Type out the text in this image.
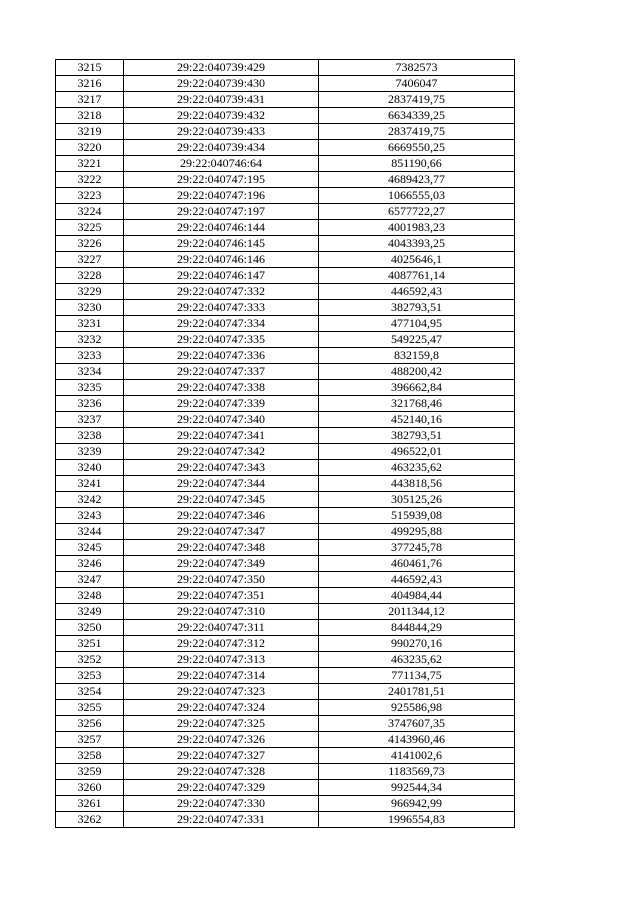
3215	29:22:040739:429	7382573
3216	29:22:040739:430	7406047
3217	29:22:040739:431	2837419,75
3218	29:22:040739:432	6634339,25
3219	29:22:040739:433	2837419,75
3220	29:22:040739:434	6669550,25
3221	29:22:040746:64	851190,66
3222	29:22:040747:195	4689423,77
3223	29:22:040747:196	1066555,03
3224	29:22:040747:197	6577722,27
3225	29:22:040746:144	4001983,23
3226	29:22:040746:145	4043393,25
3227	29:22:040746:146	4025646,1
3228	29:22:040746:147	4087761,14
3229	29:22:040747:332	446592,43
3230	29:22:040747:333	382793,51
3231	29:22:040747:334	477104,95
3232	29:22:040747:335	549225,47
3233	29:22:040747:336	832159,8
3234	29:22:040747:337	488200,42
3235	29:22:040747:338	396662,84
3236	29:22:040747:339	321768,46
3237	29:22:040747:340	452140,16
3238	29:22:040747:341	382793,51
3239	29:22:040747:342	496522,01
3240	29:22:040747:343	463235,62
3241	29:22:040747:344	443818,56
3242	29:22:040747:345	305125,26
3243	29:22:040747:346	515939,08
3244	29:22:040747:347	499295,88
3245	29:22:040747:348	377245,78
3246	29:22:040747:349	460461,76
3247	29:22:040747:350	446592,43
3248	29:22:040747:351	404984,44
3249	29:22:040747:310	2011344,12
3250	29:22:040747:311	844844,29
3251	29:22:040747:312	990270,16
3252	29:22:040747:313	463235,62
3253	29:22:040747:314	771134,75
3254	29:22:040747:323	2401781,51
3255	29:22:040747:324	925586,98
3256	29:22:040747:325	3747607,35
3257	29:22:040747:326	4143960,46
3258	29:22:040747:327	4141002,6
3259	29:22:040747:328	1183569,73
3260	29:22:040747:329	992544,34
3261	29:22:040747:330	966942,99
3262	29:22:040747:331	1996554,83
